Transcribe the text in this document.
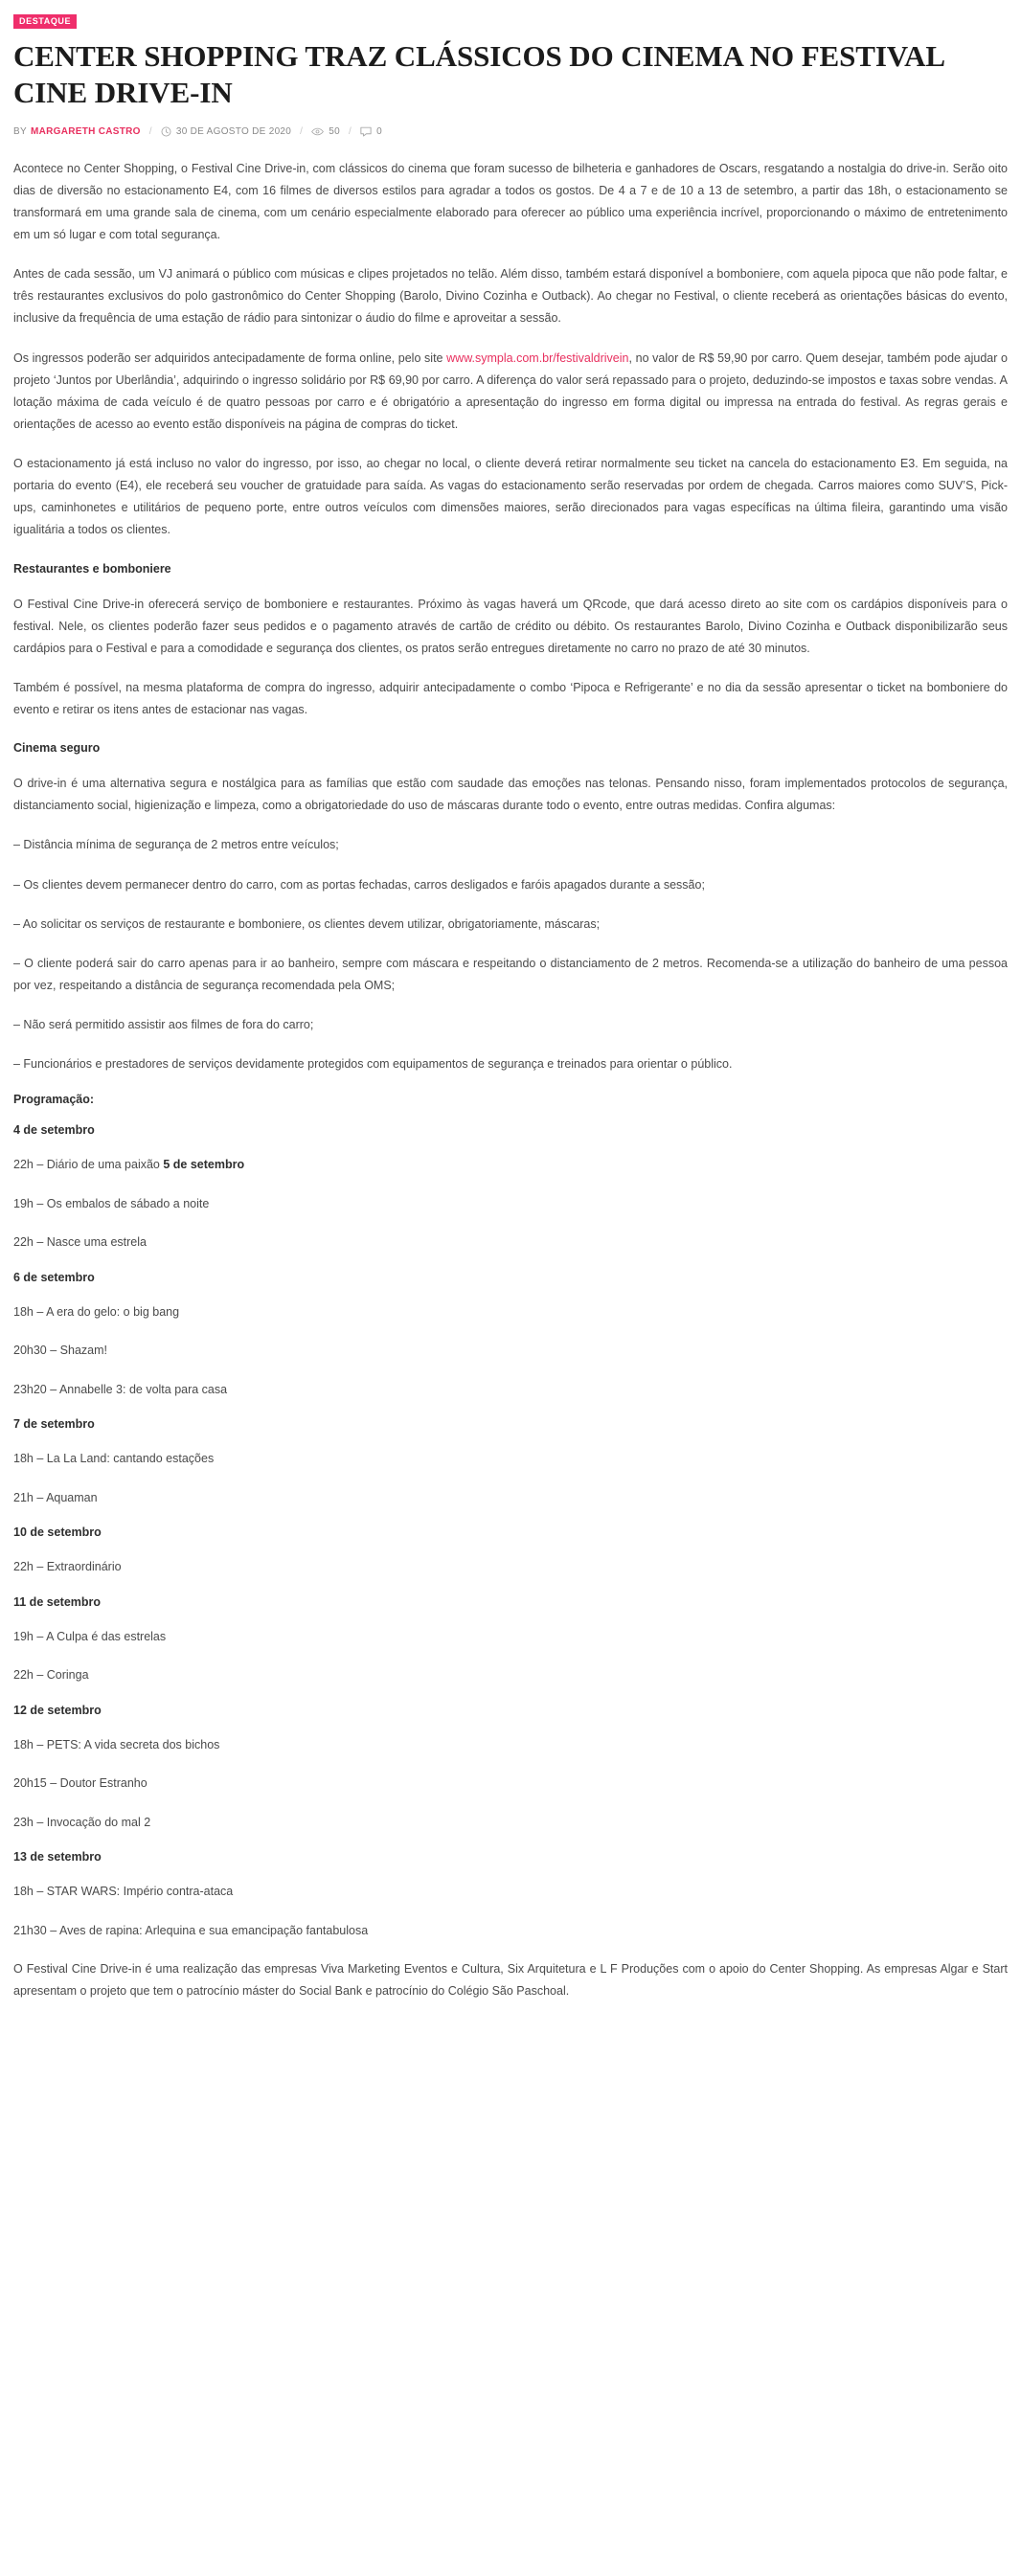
DESTAQUE
CENTER SHOPPING TRAZ CLÁSSICOS DO CINEMA NO FESTIVAL CINE DRIVE-IN
BY MARGARETH CASTRO /	30 DE AGOSTO DE 2020 /	50 /	0

Acontece no Center Shopping, o Festival Cine Drive-in, com clássicos do cinema que foram sucesso de bilheteria e ganhadores de Oscars, resgatando a nostalgia do drive-in. Serão oito dias de diversão no estacionamento E4, com 16 filmes de diversos estilos para agradar a todos os gostos. De 4 a 7 e de 10 a 13 de setembro, a partir das 18h, o estacionamento se transformará em uma grande sala de cinema, com um cenário especialmente elaborado para oferecer ao público uma experiência incrível, proporcionando o máximo de entretenimento em um só lugar e com total segurança.

Antes de cada sessão, um VJ animará o público com músicas e clipes projetados no telão. Além disso, também estará disponível a bomboniere, com aquela pipoca que não pode faltar, e três restaurantes exclusivos do polo gastronômico do Center Shopping (Barolo, Divino Cozinha e Outback). Ao chegar no Festival, o cliente receberá as orientações básicas do evento, inclusive da frequência de uma estação de rádio para sintonizar o áudio do filme e aproveitar a sessão.

Os ingressos poderão ser adquiridos antecipadamente de forma online, pelo site www.sympla.com.br/festivaldrivein, no valor de R$ 59,90 por carro. Quem desejar, também pode ajudar o projeto ‘Juntos por Uberlândia’, adquirindo o ingresso solidário por R$ 69,90 por carro. A diferença do valor será repassado para o projeto, deduzindo-se impostos e taxas sobre vendas. A lotação máxima de cada veículo é de quatro pessoas por carro e é obrigatório a apresentação do ingresso em forma digital ou impressa na entrada do festival. As regras gerais e orientações de acesso ao evento estão disponíveis na página de compras do ticket.

O estacionamento já está incluso no valor do ingresso, por isso, ao chegar no local, o cliente deverá retirar normalmente seu ticket na cancela do estacionamento E3. Em seguida, na portaria do evento (E4), ele receberá seu voucher de gratuidade para saída. As vagas do estacionamento serão reservadas por ordem de chegada. Carros maiores como SUV’S, Pick-ups, caminhonetes e utilitários de pequeno porte, entre outros veículos com dimensões maiores, serão direcionados para vagas específicas na última fileira, garantindo uma visão igualitária a todos os clientes.

Restaurantes e bomboniere

O Festival Cine Drive-in oferecerá serviço de bomboniere e restaurantes. Próximo às vagas haverá um QRcode, que dará acesso direto ao site com os cardápios disponíveis para o festival. Nele, os clientes poderão fazer seus pedidos e o pagamento através de cartão de crédito ou débito. Os restaurantes Barolo, Divino Cozinha e Outback disponibilizarão seus cardápios para o Festival e para a comodidade e segurança dos clientes, os pratos serão entregues diretamente no carro no prazo de até 30 minutos.

Também é possível, na mesma plataforma de compra do ingresso, adquirir antecipadamente o combo ‘Pipoca e Refrigerante’ e no dia da sessão apresentar o ticket na bomboniere do evento e retirar os itens antes de estacionar nas vagas.

Cinema seguro

O drive-in é uma alternativa segura e nostálgica para as famílias que estão com saudade das emoções nas telonas. Pensando nisso, foram implementados protocolos de segurança, distanciamento social, higienização e limpeza, como a obrigatoriedade do uso de máscaras durante todo o evento, entre outras medidas. Confira algumas:

– Distância mínima de segurança de 2 metros entre veículos;

– Os clientes devem permanecer dentro do carro, com as portas fechadas, carros desligados e faróis apagados durante a sessão;

– Ao solicitar os serviços de restaurante e bomboniere, os clientes devem utilizar, obrigatoriamente, máscaras;

– O cliente poderá sair do carro apenas para ir ao banheiro, sempre com máscara e respeitando o distanciamento de 2 metros. Recomenda-se a utilização do banheiro de uma pessoa por vez, respeitando a distância de segurança recomendada pela OMS;

– Não será permitido assistir aos filmes de fora do carro;

– Funcionários e prestadores de serviços devidamente protegidos com equipamentos de segurança e treinados para orientar o público.

Programação:

4 de setembro

22h – Diário de uma paixão 5 de setembro

19h – Os embalos de sábado a noite

22h – Nasce uma estrela

6 de setembro

18h – A era do gelo: o big bang

20h30 – Shazam!

23h20 – Annabelle 3: de volta para casa

7 de setembro

18h – La La Land: cantando estações

21h – Aquaman

10 de setembro

22h – Extraordinário

11 de setembro

19h – A Culpa é das estrelas

22h – Coringa

12 de setembro

18h – PETS: A vida secreta dos bichos

20h15 – Doutor Estranho

23h – Invocação do mal 2

13 de setembro

18h – STAR WARS: Império contra-ataca

21h30 – Aves de rapina: Arlequina e sua emancipação fantabulosa

O Festival Cine Drive-in é uma realização das empresas Viva Marketing Eventos e Cultura, Six Arquitetura e L F Produções com o apoio do Center Shopping. As empresas Algar e Start apresentam o projeto que tem o patrocínio máster do Social Bank e patrocínio do Colégio São Paschoal.
